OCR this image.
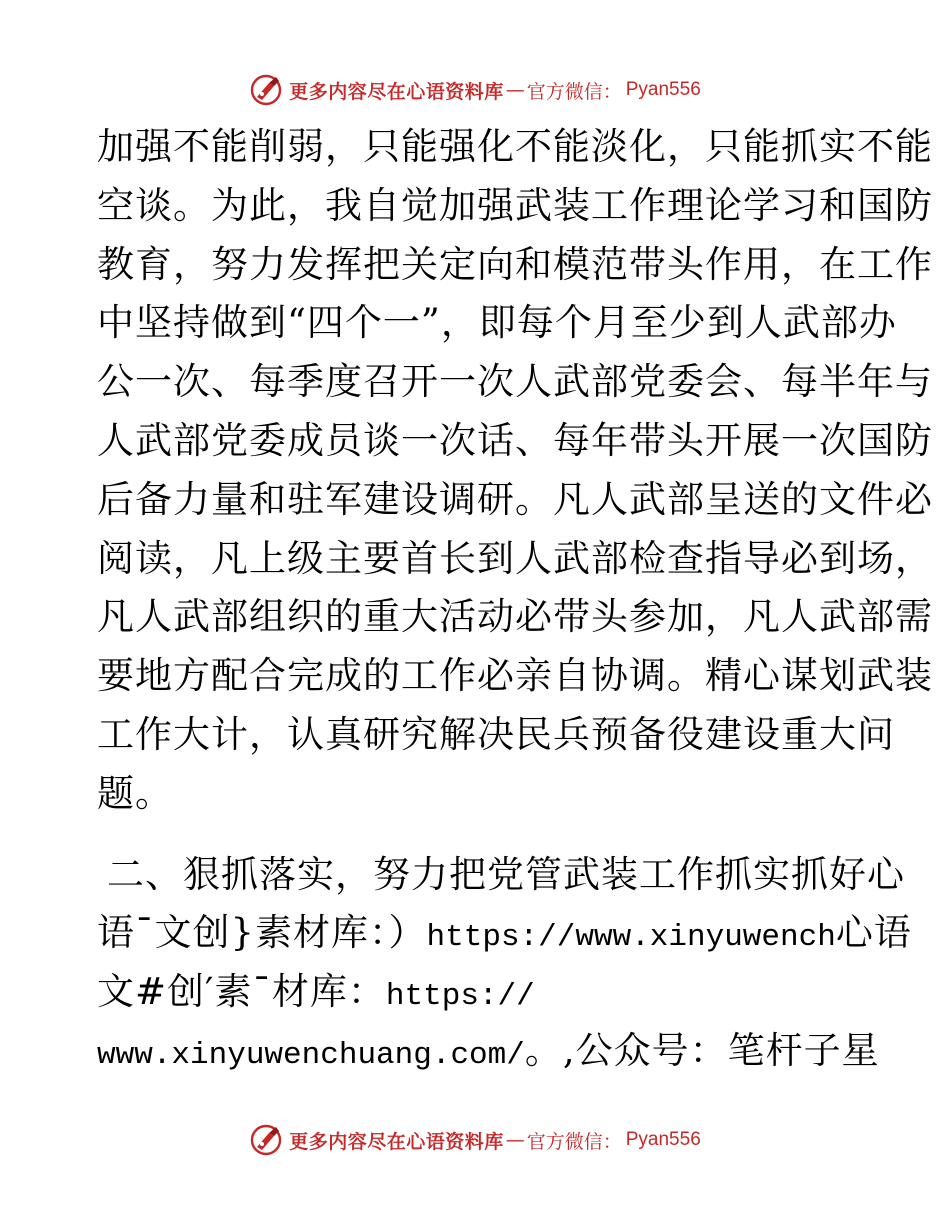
更多内容尽在心语资料库 — 官方微信： Pyan556
加强不能削弱，只能强化不能淡化，只能抓实不能
空谈。为此，我自觉加强武装工作理论学习和国防
教育，努力发挥把关定向和模范带头作用，在工作
中坚持做到“四个一”，即每个月至少到人武部办
公一次、每季度召开一次人武部党委会、每半年与
人武部党委成员谈一次话、每年带头开展一次国防
后备力量和驻军建设调研。凡人武部呈送的文件必
阅读，凡上级主要首长到人武部检查指导必到场，
凡人武部组织的重大活动必带头参加，凡人武部需
要地方配合完成的工作必亲自协调。精心谋划武装
工作大计，认真研究解决民兵预备役建设重大问
题。
二、狠抓落实，努力把党管武装工作抓实抓好心
语¯文创}素材库：）https://www.xinyuwench心语
文#创′素¯材库：https://
www.xinyuwenchuang.com/。,公众号：笔杆子星
更多内容尽在心语资料库 — 官方微信： Pyan556
